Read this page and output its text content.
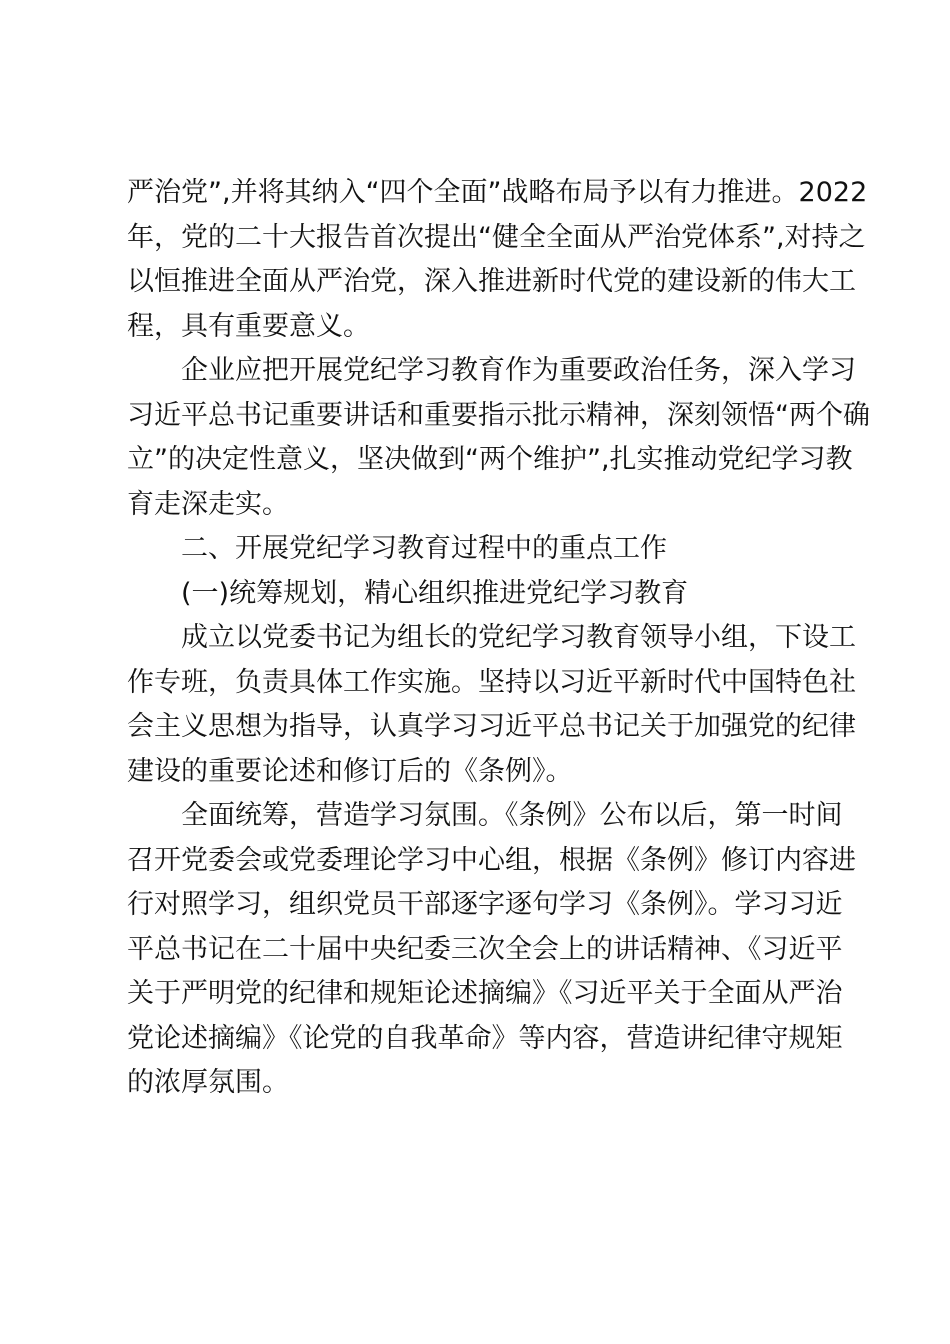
严治党”,并将其纳入“四个全面”战略布局予以有力推进。2022
年，党的二十大报告首次提出“健全全面从严治党体系”,对持之
以恒推进全面从严治党，深入推进新时代党的建设新的伟大工
程，具有重要意义。
企业应把开展党纪学习教育作为重要政治任务，深入学习
习近平总书记重要讲话和重要指示批示精神，深刻领悟“两个确
立”的决定性意义，坚决做到“两个维护”,扎实推动党纪学习教
育走深走实。
二、开展党纪学习教育过程中的重点工作
(一)统筹规划，精心组织推进党纪学习教育
成立以党委书记为组长的党纪学习教育领导小组，下设工
作专班，负责具体工作实施。坚持以习近平新时代中国特色社
会主义思想为指导，认真学习习近平总书记关于加强党的纪律
建设的重要论述和修订后的《条例》。
全面统筹，营造学习氛围。《条例》公布以后，第一时间
召开党委会或党委理论学习中心组，根据《条例》修订内容进
行对照学习，组织党员干部逐字逐句学习《条例》。学习习近
平总书记在二十届中央纪委三次全会上的讲话精神、《习近平
关于严明党的纪律和规矩论述摘编》《习近平关于全面从严治
党论述摘编》《论党的自我革命》等内容，营造讲纪律守规矩
的浓厚氛围。
